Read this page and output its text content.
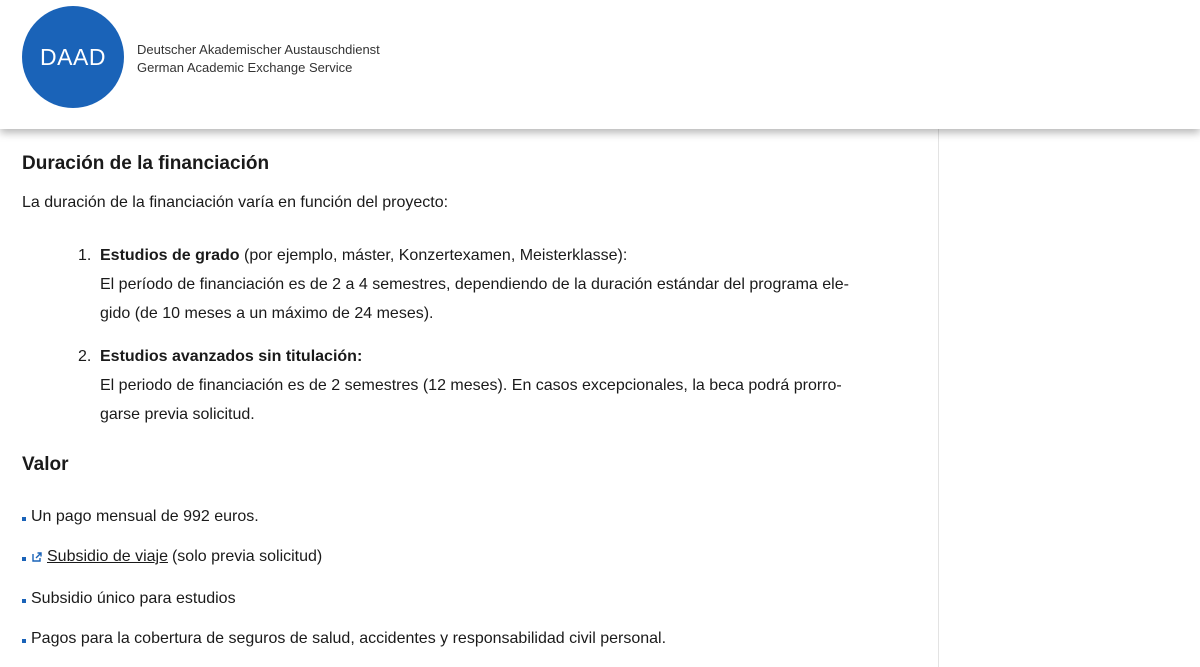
DAAD Deutscher Akademischer Austauschdienst
German Academic Exchange Service
Duración de la financiación
La duración de la financiación varía en función del proyecto:
1. Estudios de grado (por ejemplo, máster, Konzertexamen, Meisterklasse):
El período de financiación es de 2 a 4 semestres, dependiendo de la duración estándar del programa ele-
gido (de 10 meses a un máximo de 24 meses).
2. Estudios avanzados sin titulación:
El periodo de financiación es de 2 semestres (12 meses). En casos excepcionales, la beca podrá prorro-
garse previa solicitud.
Valor
Un pago mensual de 992 euros.
Subsidio de viaje (solo previa solicitud)
Subsidio único para estudios
Pagos para la cobertura de seguros de salud, accidentes y responsabilidad civil personal.
